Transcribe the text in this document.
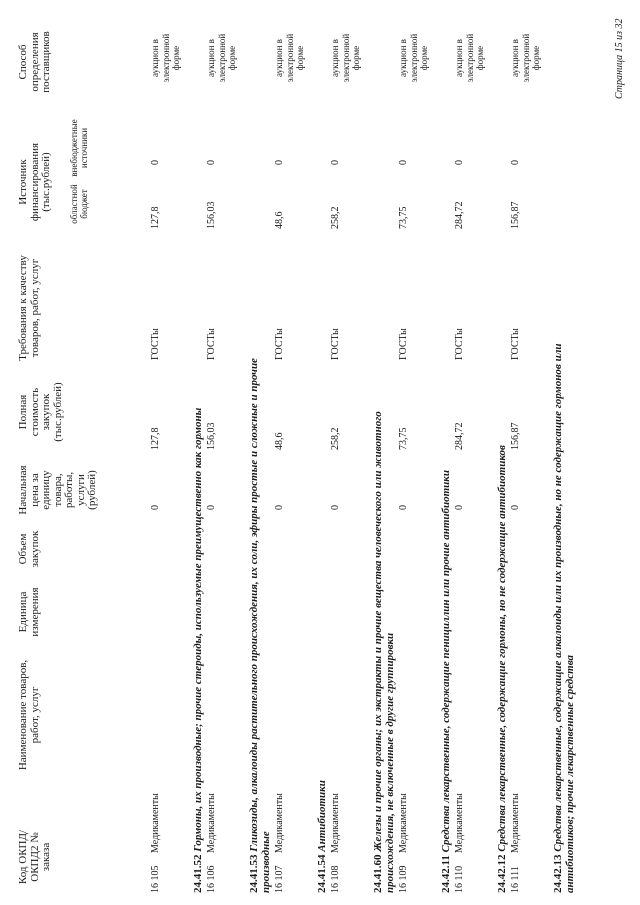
Код ОКПД/ ОКПД2 № заказа
Наименование товаров, работ, услуг
Единица измерения
Объем закупок
Начальная цена за единицу товара, работы, услуги (рублей)
Полная стоимость закупок (тыс.рублей)
Требования к качеству товаров, работ, услуг
Источник финансирования (тыс.рублей) областной бюджет
внебюджетные источники
Способ определения поставщиков
16 105
Медикаменты
0
127,8
ГОСТы
127,8
0
аукцион в электронной форме
24.41.52 Гормоны, их производные; прочие стероиды, используемые преимущественно как гормоны
16 106
Медикаменты
0
156,03
ГОСТы
156,03
0
аукцион в электронной форме
24.41.53 Гликозиды, алкалоиды растительного происхождения, их соли, эфиры простые и сложные и прочие производные 16 107
Медикаменты
0
48,6
ГОСТы
48,6
0
аукцион в электронной форме
24.41.54 Антибиотики
16 108
Медикаменты
0
258,2
ГОСТы
258,2
0
аукцион в электронной форме
24.41.60 Железы и прочие органы; их экстракты и прочие вещества человеческого или животного происхождения, не включенные в другие группировки 16 109
Медикаменты
0
73,75
ГОСТы
73,75
0
аукцион в электронной форме
24.42.11 Средства лекарственные, содержащие пенициллин или прочие антибиотики
16 110
Медикаменты
0
284,72
ГОСТы
284,72
0
аукцион в электронной форме
24.42.12 Средства лекарственные, содержащие гормоны, но не содержащие антибиотиков
16 111
Медикаменты
0
156,87
ГОСТы
156,87
0
аукцион в электронной форме
24.42.13 Средства лекарственные, содержащие алкалоиды или их производные, но не содержащие гормонов или антибиотиков; прочие лекарственные средства
Страница 15 из 32
